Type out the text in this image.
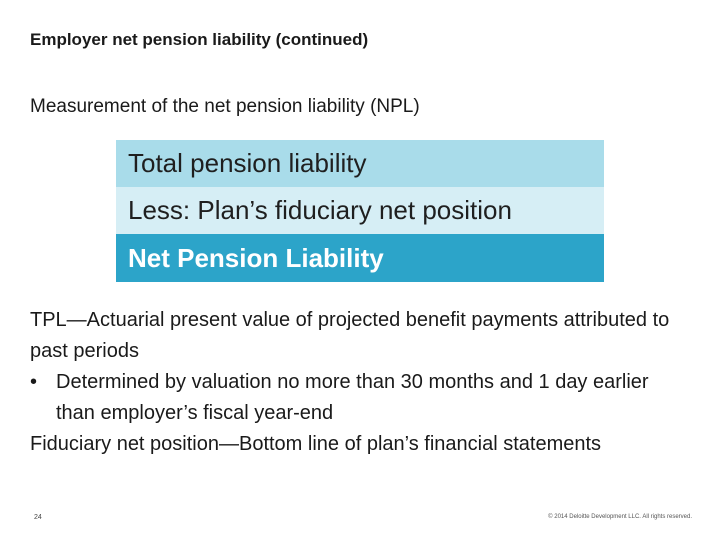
Employer net pension liability (continued)
Measurement of the net pension liability (NPL)
Total pension liability
Less: Plan’s fiduciary net position
Net Pension Liability

TPL—Actuarial present value of projected benefit payments attributed to past periods

• Determined by valuation no more than 30 months and 1 day earlier than employer’s fiscal year-end

Fiduciary net position—Bottom line of plan’s financial statements

24	© 2014 Deloitte Development LLC. All rights reserved.
